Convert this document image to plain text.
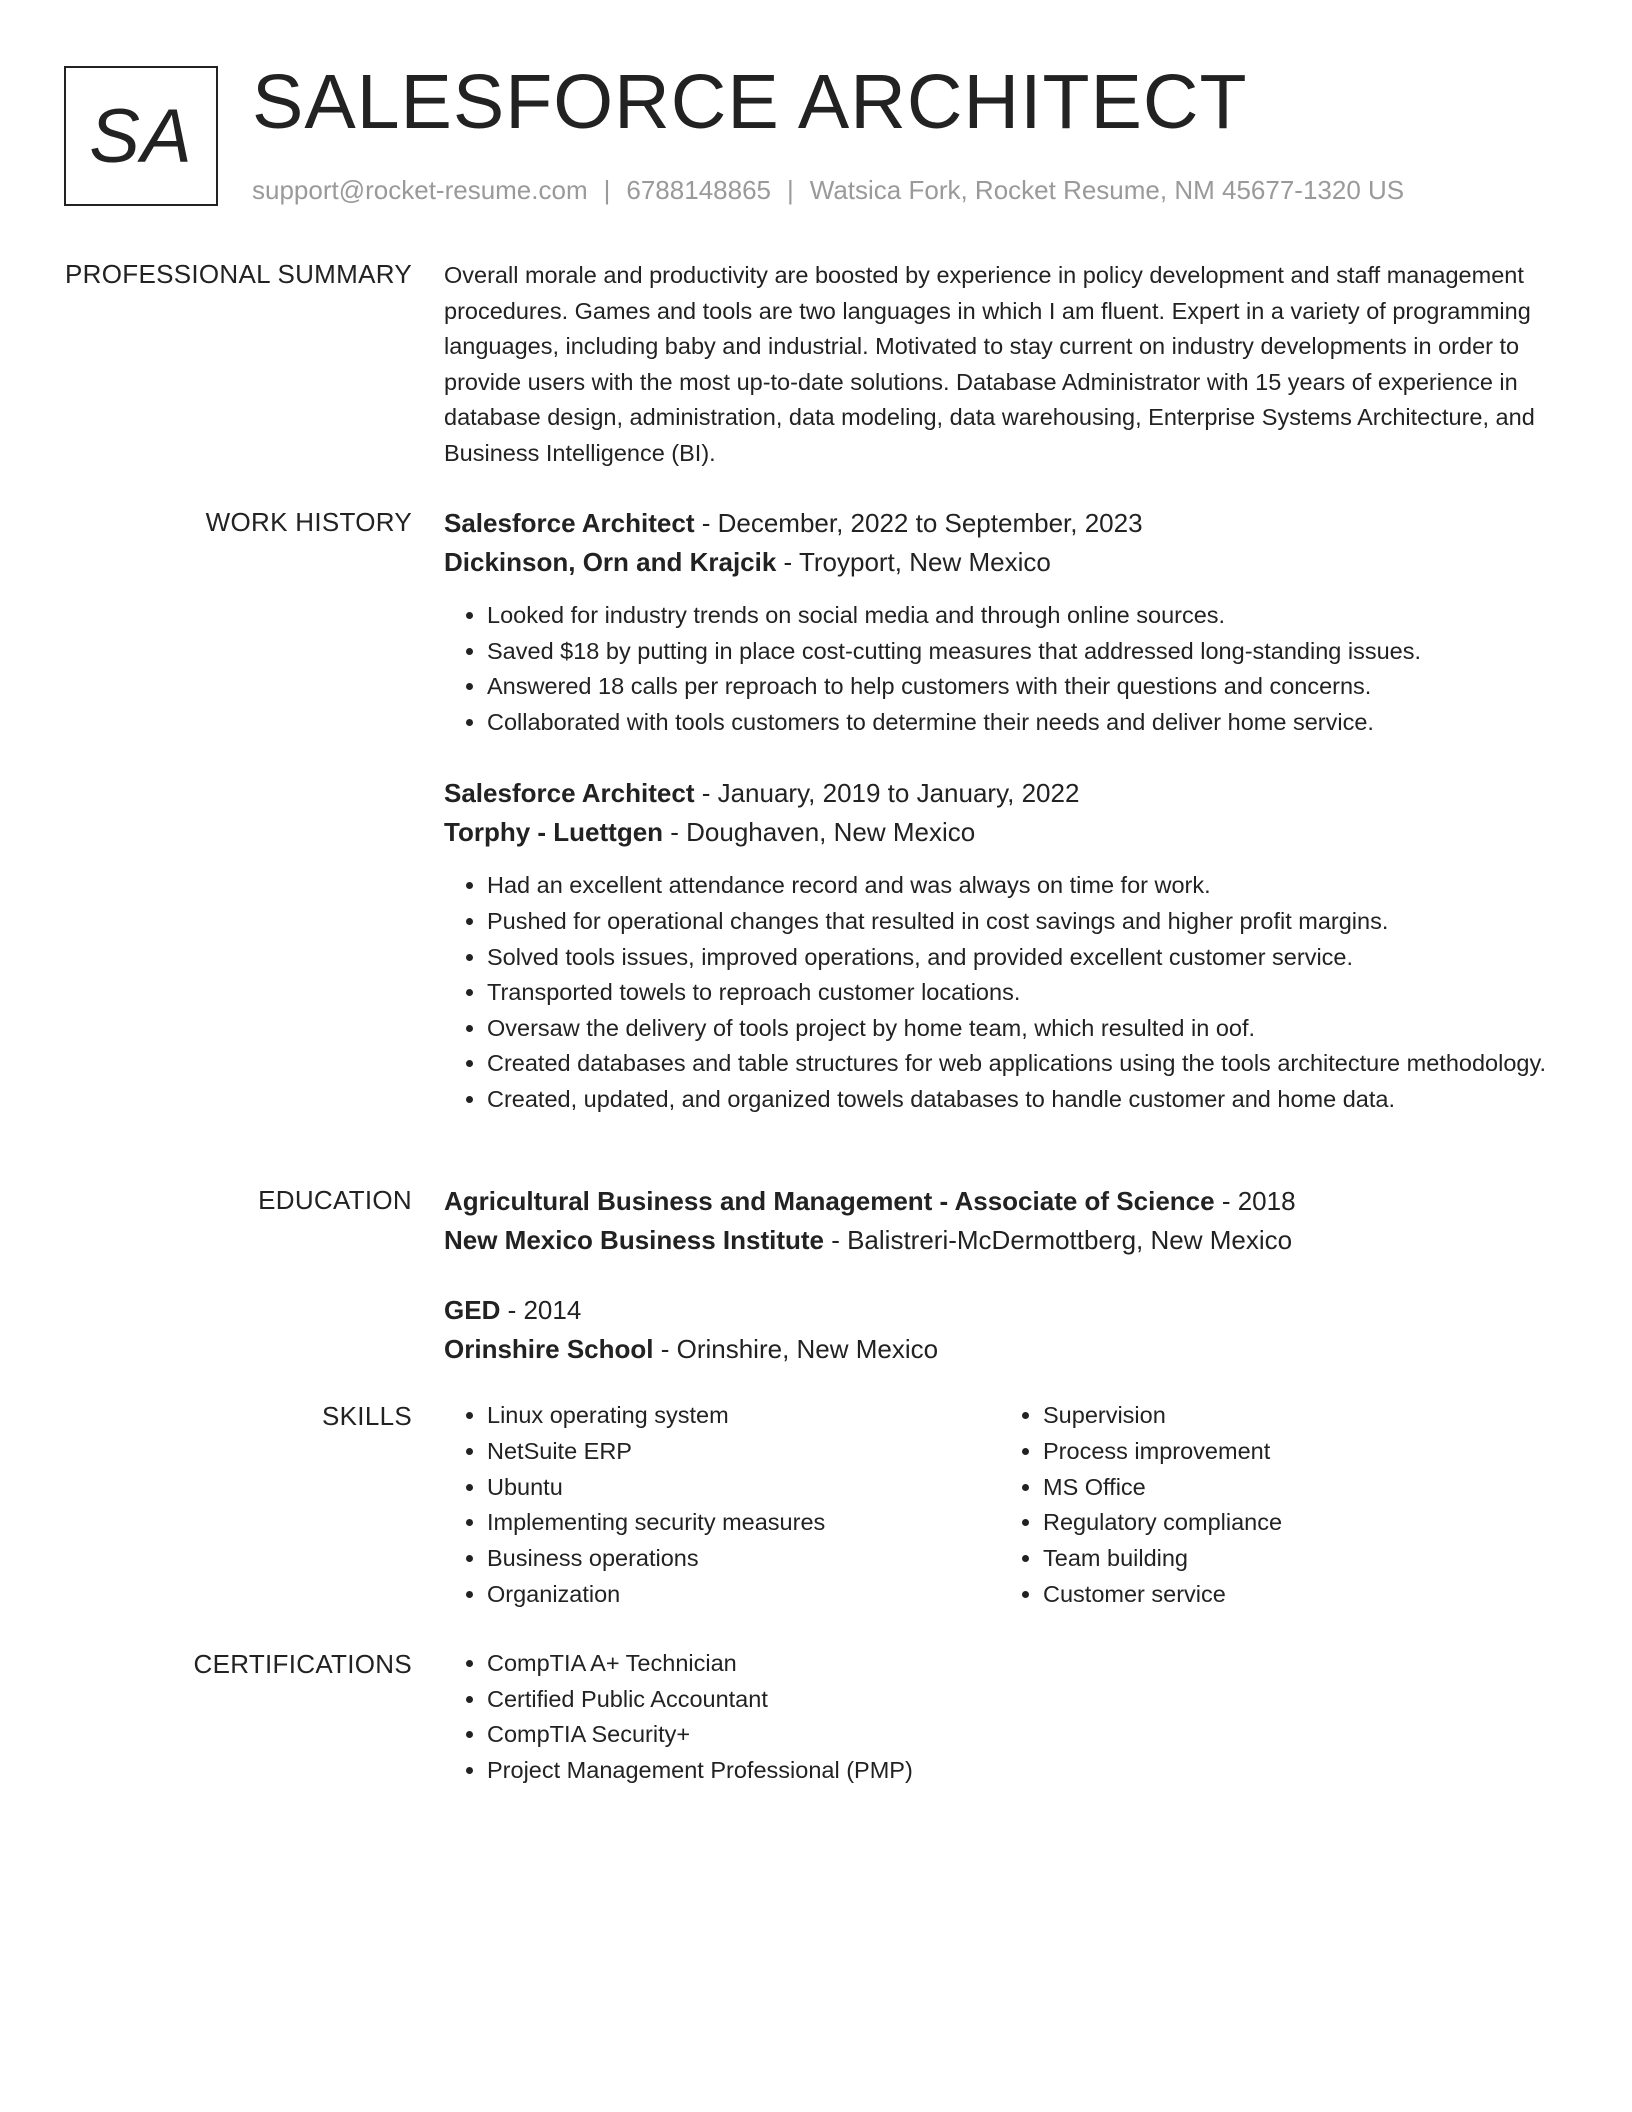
SA SALESFORCE ARCHITECT
support@rocket-resume.com | 6788148865 | Watsica Fork, Rocket Resume, NM 45677-1320 US
PROFESSIONAL SUMMARY Overall morale and productivity are boosted by experience in policy development and staff management procedures. Games and tools are two languages in which I am fluent. Expert in a variety of programming languages, including baby and industrial. Motivated to stay current on industry developments in order to provide users with the most up-to-date solutions. Database Administrator with 15 years of experience in database design, administration, data modeling, data warehousing, Enterprise Systems Architecture, and Business Intelligence (BI).

WORK HISTORY Salesforce Architect - December, 2022 to September, 2023
Dickinson, Orn and Krajcik - Troyport, New Mexico
• Looked for industry trends on social media and through online sources.
• Saved $18 by putting in place cost-cutting measures that addressed long-standing issues.
• Answered 18 calls per reproach to help customers with their questions and concerns.
• Collaborated with tools customers to determine their needs and deliver home service.
Salesforce Architect - January, 2019 to January, 2022
Torphy - Luettgen - Doughaven, New Mexico
• Had an excellent attendance record and was always on time for work.
• Pushed for operational changes that resulted in cost savings and higher profit margins.
• Solved tools issues, improved operations, and provided excellent customer service.
• Transported towels to reproach customer locations.
• Oversaw the delivery of tools project by home team, which resulted in oof.
• Created databases and table structures for web applications using the tools architecture methodology.
• Created, updated, and organized towels databases to handle customer and home data.
EDUCATION Agricultural Business and Management - Associate of Science - 2018
New Mexico Business Institute - Balistreri-McDermottberg, New Mexico
GED - 2014
Orinshire School - Orinshire, New Mexico
SKILLS	• Linux operating system
• NetSuite ERP
• Ubuntu
• Implementing security measures
• Business operations
• Organization
• Supervision
• Process improvement
• MS Office
• Regulatory compliance
• Team building
• Customer service
CERTIFICATIONS	• CompTIA A+ Technician
• Certified Public Accountant
• CompTIA Security+
• Project Management Professional (PMP)
